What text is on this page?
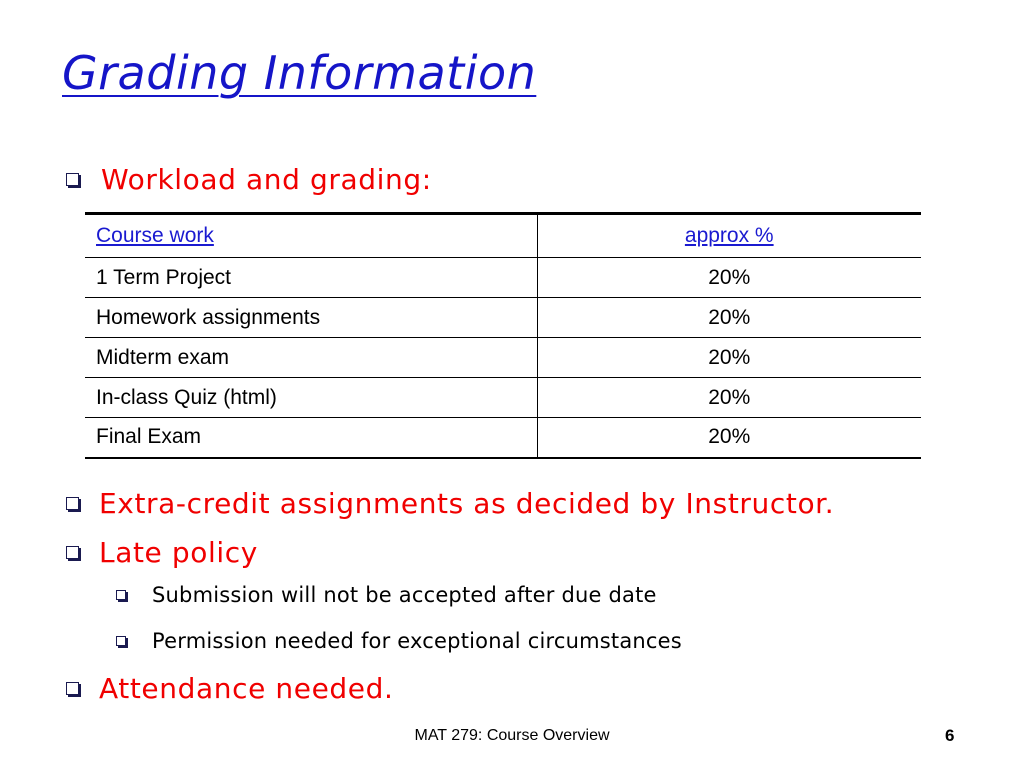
Grading Information
Workload and grading:
Course work	approx %
1 Term Project	20%
Homework assignments	20%
Midterm exam	20%
In-class Quiz (html)	20%
Final Exam	20%
Extra-credit assignments as decided by Instructor.
Late policy
Submission will not be accepted after due date
Permission needed for exceptional circumstances
Attendance needed.
MAT 279: Course Overview	6
